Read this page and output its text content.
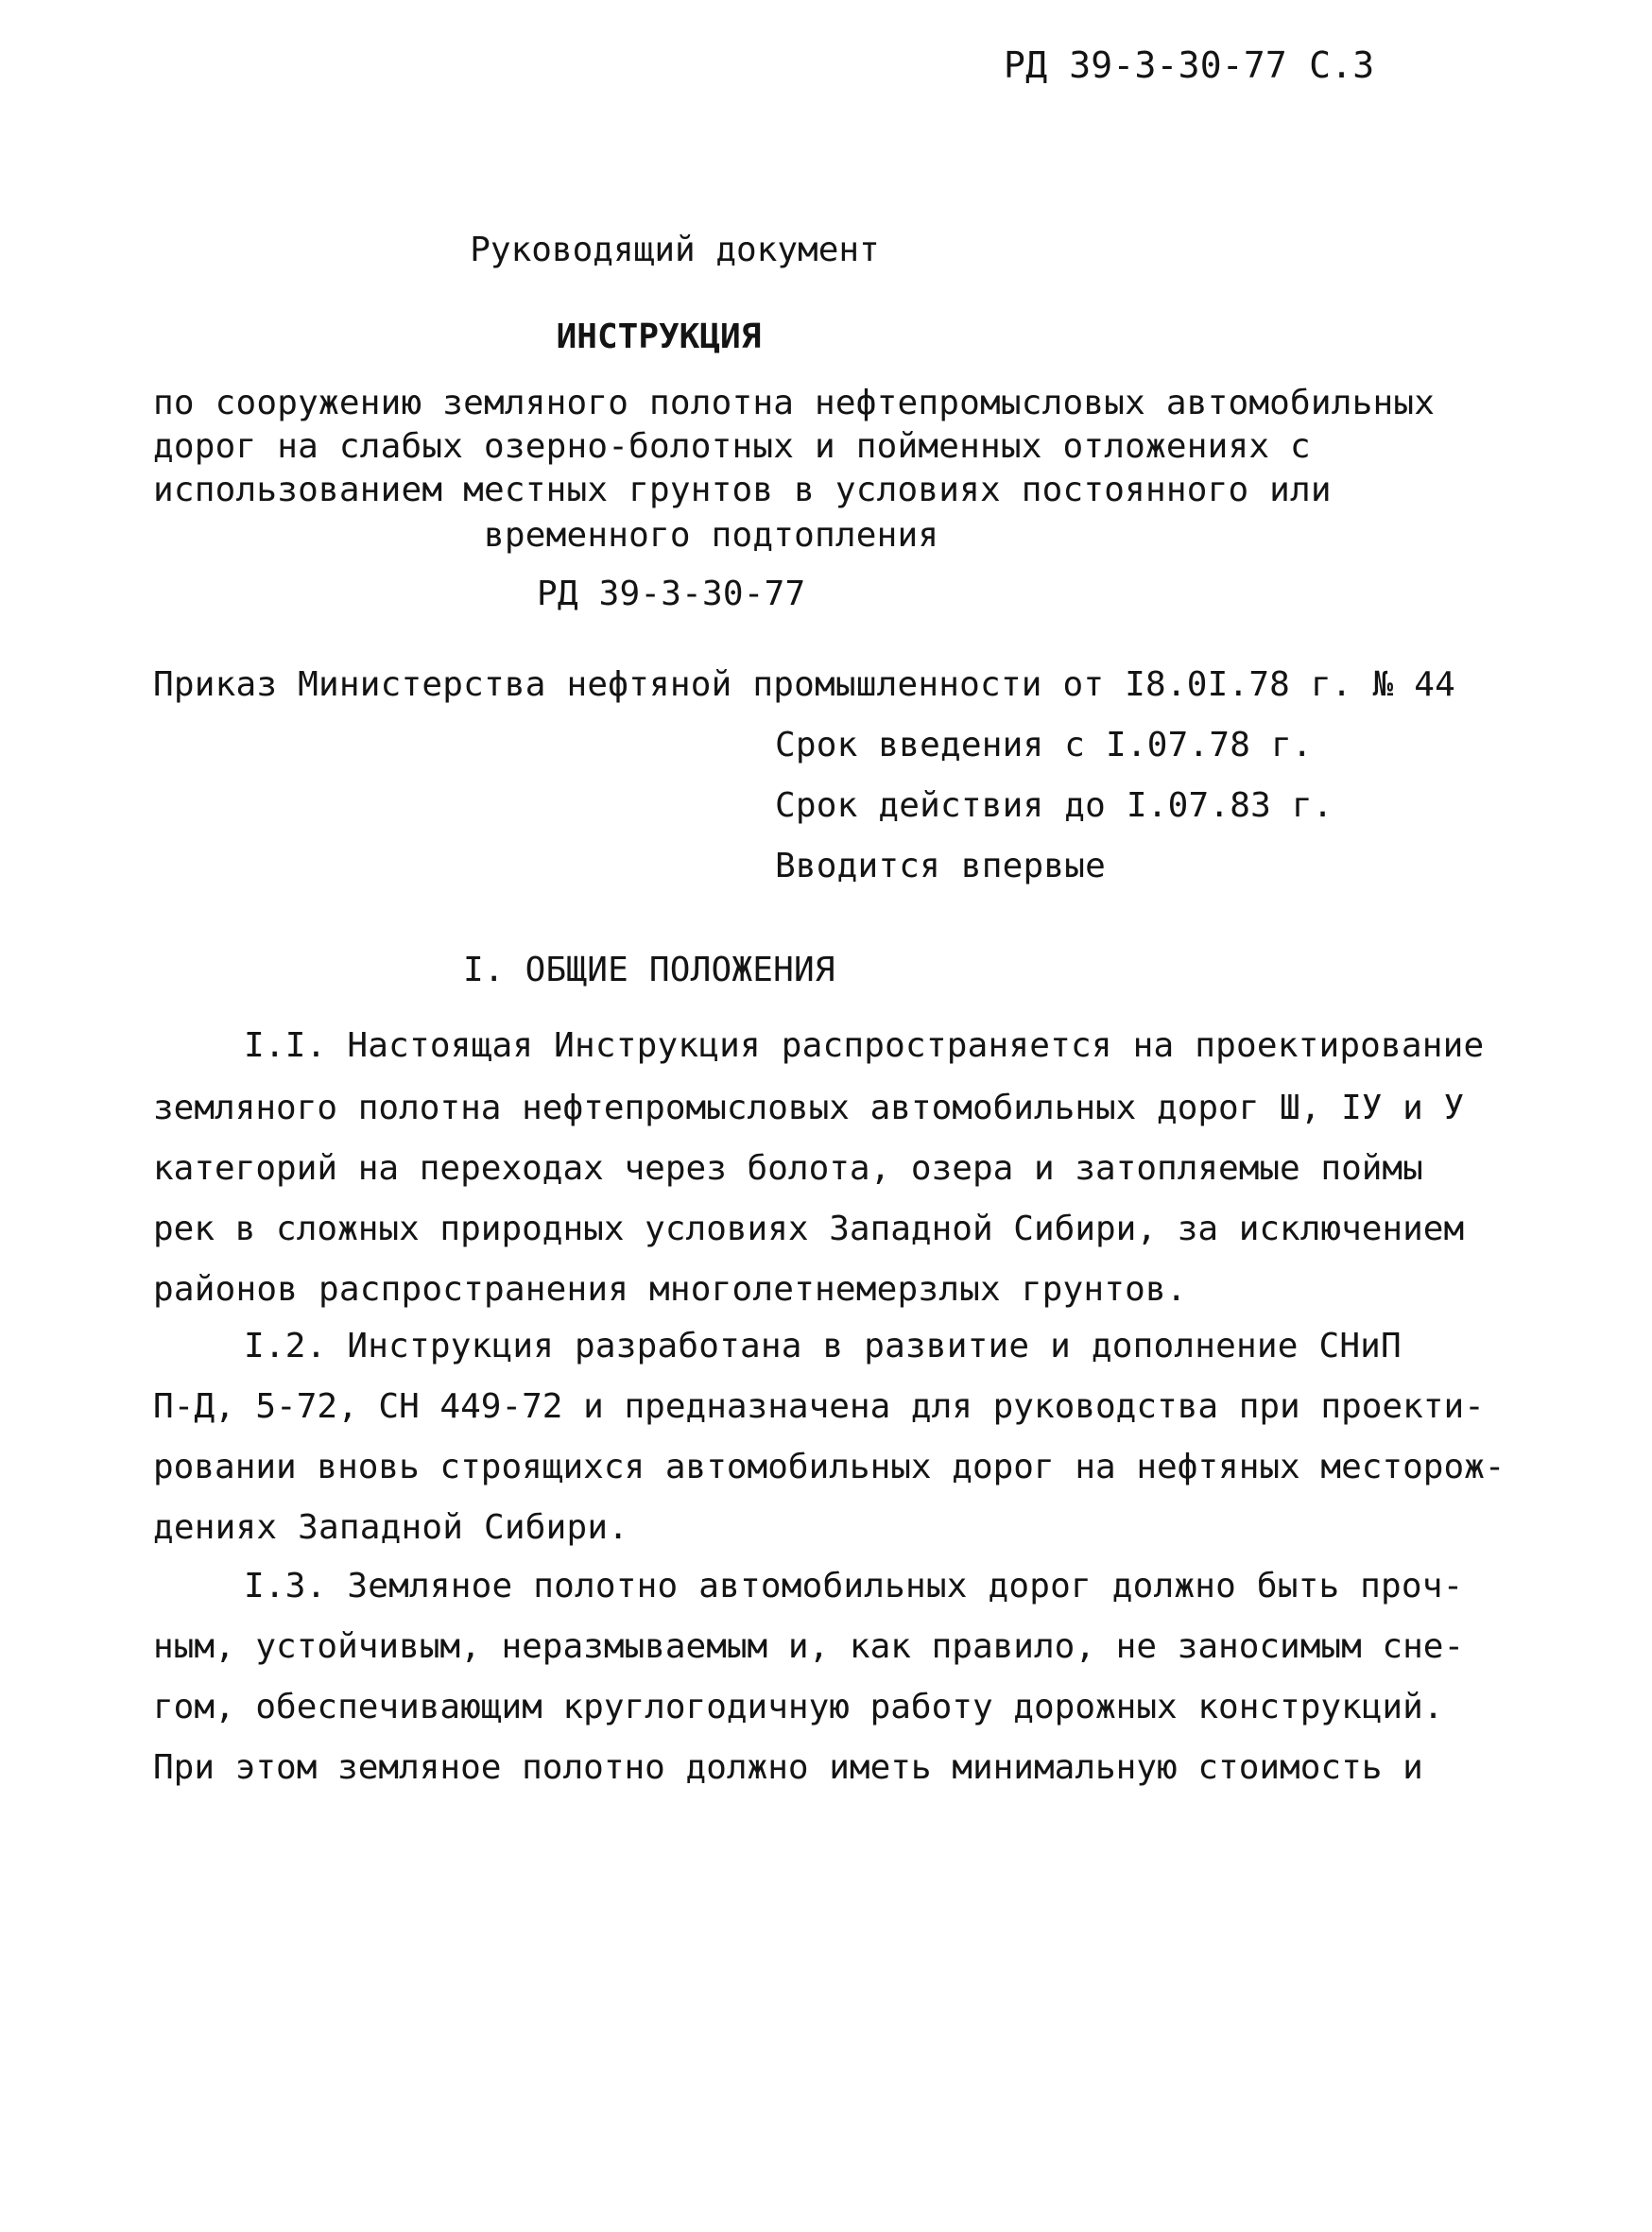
РД 39-3-30-77 С.3
Руководящий документ
ИНСТРУКЦИЯ
по сооружению земляного полотна нефтепромысловых автомобильных
дорог на слабых озерно-болотных и пойменных отложениях с
использованием местных грунтов в условиях постоянного или
временного подтопления
РД 39-3-30-77
Приказ Министерства нефтяной промышленности от I8.0I.78 г. № 44
Срок введения с I.07.78 г.
Срок действия до I.07.83 г.
Вводится впервые
I. ОБЩИЕ ПОЛОЖЕНИЯ
I.I. Настоящая Инструкция распространяется на проектирование
земляного полотна нефтепромысловых автомобильных дорог Ш, IУ и У
категорий на переходах через болота, озера и затопляемые поймы
рек в сложных природных условиях Западной Сибири, за исключением
районов распространения многолетнемерзлых грунтов.
I.2. Инструкция разработана в развитие и дополнение СНиП
П-Д, 5-72, СН 449-72 и предназначена для руководства при проекти-
ровании вновь строящихся автомобильных дорог на нефтяных месторож-
дениях Западной Сибири.
I.3. Земляное полотно автомобильных дорог должно быть проч-
ным, устойчивым, неразмываемым и, как правило, не заносимым сне-
гом, обеспечивающим круглогодичную работу дорожных конструкций.
При этом земляное полотно должно иметь минимальную стоимость и
